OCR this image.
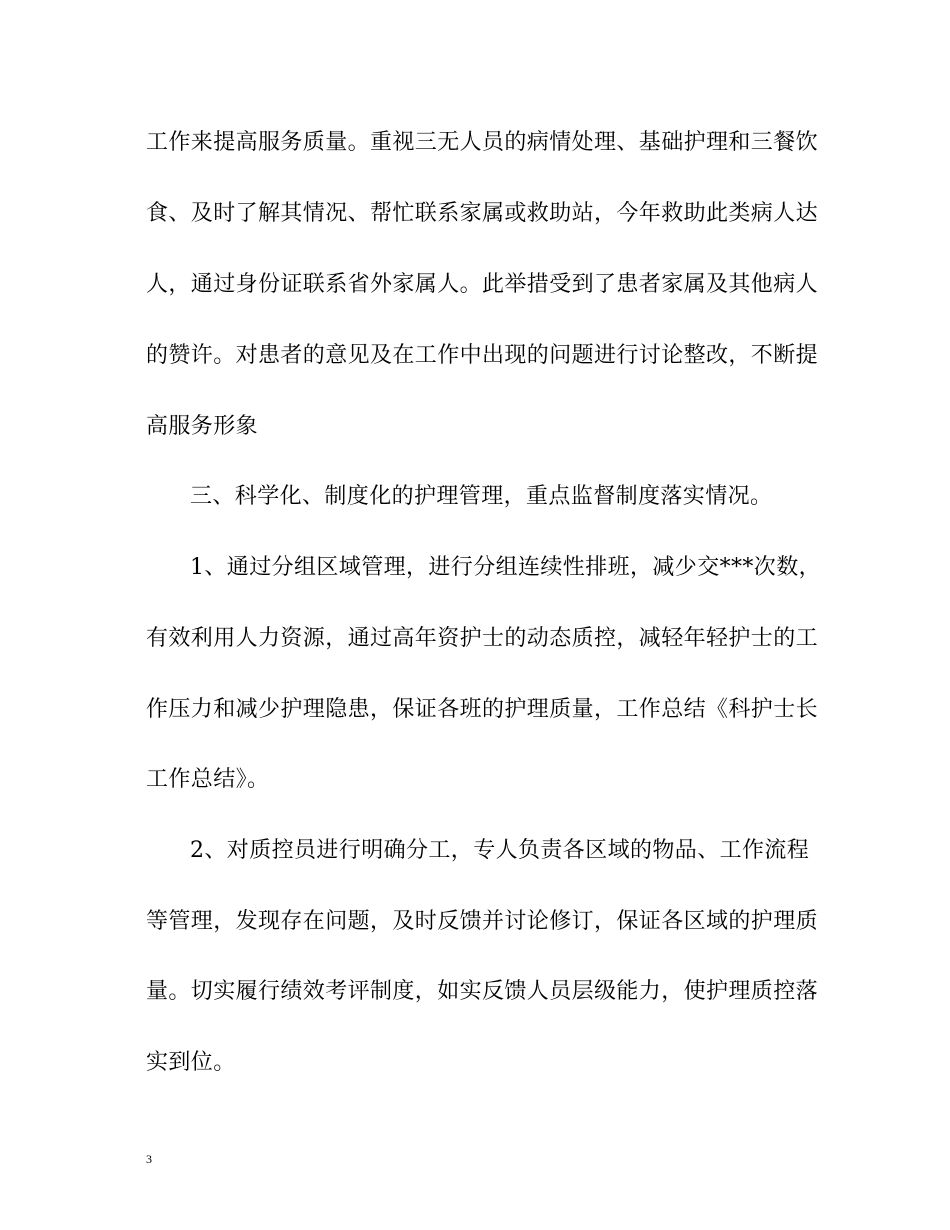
工作来提高服务质量。重视三无人员的病情处理、基础护理和三餐饮
食、及时了解其情况、帮忙联系家属或救助站，今年救助此类病人达
人，通过身份证联系省外家属人。此举措受到了患者家属及其他病人
的赞许。对患者的意见及在工作中出现的问题进行讨论整改，不断提
高服务形象
三、科学化、制度化的护理管理，重点监督制度落实情况。
1、通过分组区域管理，进行分组连续性排班，减少交***次数，
有效利用人力资源，通过高年资护士的动态质控，减轻年轻护士的工
作压力和减少护理隐患，保证各班的护理质量，工作总结《科护士长
工作总结》。
2、对质控员进行明确分工，专人负责各区域的物品、工作流程
等管理，发现存在问题，及时反馈并讨论修订，保证各区域的护理质
量。切实履行绩效考评制度，如实反馈人员层级能力，使护理质控落
实到位。
3
